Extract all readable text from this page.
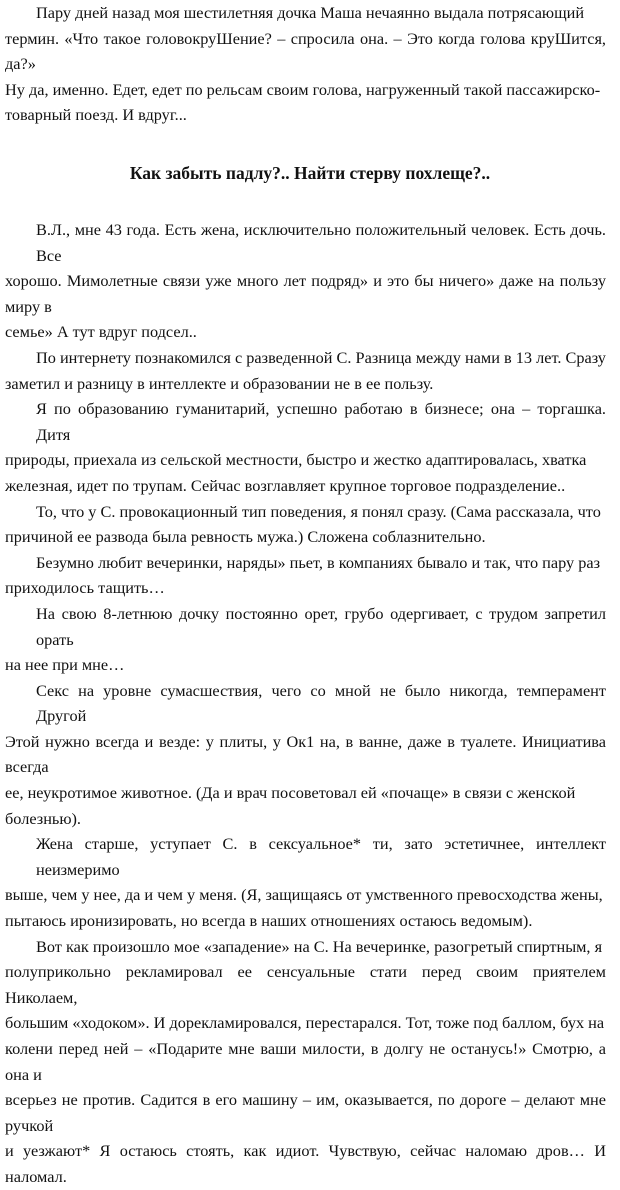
Пару дней назад моя шестилетняя дочка Маша нечаянно выдала потрясающий
термин. «Что такое головокруШение? – спросила она. – Это когда голова круШится, да?»
Ну да, именно. Едет, едет по рельсам своим голова, нагруженный такой пассажирско-
товарный поезд. И вдруг...

Как забыть падлу?.. Найти стерву похлеще?..

В.Л., мне 43 года. Есть жена, исключительно положительный человек. Есть дочь. Все
хорошо. Мимолетные связи уже много лет подряд» и это бы ничего» даже на пользу миру в
семье» А тут вдруг подсел..

По интернету познакомился с разведенной С. Разница между нами в 13 лет. Сразу
заметил и разницу в интеллекте и образовании не в ее пользу.

Я по образованию гуманитарий, успешно работаю в бизнесе; она – торгашка. Дитя
природы, приехала из сельской местности, быстро и жестко адаптировалась, хватка
железная, идет по трупам. Сейчас возглавляет крупное торговое подразделение..

То, что у С. провокационный тип поведения, я понял сразу. (Сама рассказала, что
причиной ее развода была ревность мужа.) Сложена соблазнительно.

Безумно любит вечеринки, наряды» пьет, в компаниях бывало и так, что пару раз
приходилось тащить…

На свою 8-летнюю дочку постоянно орет, грубо одергивает, с трудом запретил орать
на нее при мне…

Секс на уровне сумасшествия, чего со мной не было никогда, темперамент Другой
Этой нужно всегда и везде: у плиты, у Ок1 на, в ванне, даже в туалете. Инициатива всегда
ее, неукротимое животное. (Да и врач посоветовал ей «почаще» в связи с женской
болезнью).

Жена старше, уступает С. в сексуальное* ти, зато эстетичнее, интеллект неизмеримо
выше, чем у нее, да и чем у меня. (Я, защищаясь от умственного превосходства жены,
пытаюсь иронизировать, но всегда в наших отношениях остаюсь ведомым).

Вот как произошло мое «западение» на С. На вечеринке, разогретый спиртным, я
полуприкольно рекламировал ее сенсуальные стати перед своим приятелем Николаем,
большим «ходоком». И дорекламировался, перестарался. Тот, тоже под баллом, бух на
колени перед ней – «Подарите мне ваши милости, в долгу не останусь!» Смотрю, а она и
всерьез не против. Садится в его машину – им, оказывается, по дороге – делают мне ручкой
и уезжают* Я остаюсь стоять, как идиот. Чувствую, сейчас наломаю дров… И наломал.
